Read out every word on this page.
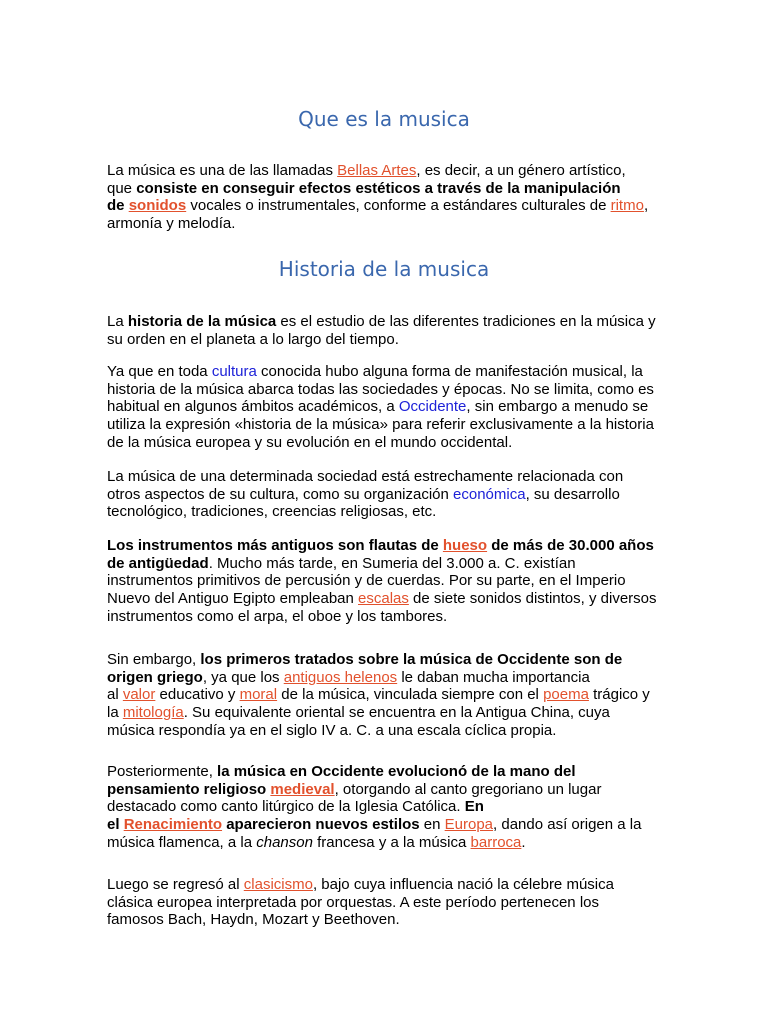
Que es la musica
La música es una de las llamadas Bellas Artes, es decir, a un género artístico,
que consiste en conseguir efectos estéticos a través de la manipulación
de sonidos vocales o instrumentales, conforme a estándares culturales de ritmo,
armonía y melodía.
Historia de la musica
La historia de la música es el estudio de las diferentes tradiciones en la música y
su orden en el planeta a lo largo del tiempo.
Ya que en toda cultura conocida hubo alguna forma de manifestación musical, la
historia de la música abarca todas las sociedades y épocas. No se limita, como es
habitual en algunos ámbitos académicos, a Occidente, sin embargo a menudo se
utiliza la expresión «historia de la música» para referir exclusivamente a la historia
de la música europea y su evolución en el mundo occidental.
La música de una determinada sociedad está estrechamente relacionada con
otros aspectos de su cultura, como su organización económica, su desarrollo
tecnológico, tradiciones, creencias religiosas, etc.
Los instrumentos más antiguos son flautas de hueso de más de 30.000 años
de antigüedad. Mucho más tarde, en Sumeria del 3.000 a. C. existían
instrumentos primitivos de percusión y de cuerdas. Por su parte, en el Imperio
Nuevo del Antiguo Egipto empleaban escalas de siete sonidos distintos, y diversos
instrumentos como el arpa, el oboe y los tambores.
Sin embargo, los primeros tratados sobre la música de Occidente son de
origen griego, ya que los antiguos helenos le daban mucha importancia
al valor educativo y moral de la música, vinculada siempre con el poema trágico y
la mitología. Su equivalente oriental se encuentra en la Antigua China, cuya
música respondía ya en el siglo IV a. C. a una escala cíclica propia.
Posteriormente, la música en Occidente evolucionó de la mano del
pensamiento religioso medieval, otorgando al canto gregoriano un lugar
destacado como canto litúrgico de la Iglesia Católica. En
el Renacimiento aparecieron nuevos estilos en Europa, dando así origen a la
música flamenca, a la chanson francesa y a la música barroca.
Luego se regresó al clasicismo, bajo cuya influencia nació la célebre música
clásica europea interpretada por orquestas. A este período pertenecen los
famosos Bach, Haydn, Mozart y Beethoven.
